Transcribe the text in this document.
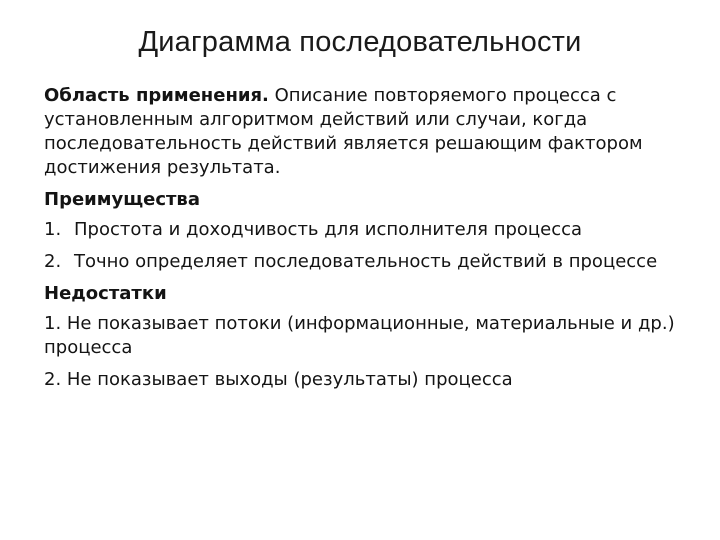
Диаграмма последовательности

Область применения. Описание повторяемого процесса с установленным алгоритмом действий или случаи, когда последовательность действий является решающим фактором достижения результата.

Преимущества
1. Простота и доходчивость для исполнителя процесса
2. Точно определяет последовательность действий в процессе
Недостатки
1. Не показывает потоки (информационные, материальные и др.) процесса
2. Не показывает выходы (результаты) процесса
